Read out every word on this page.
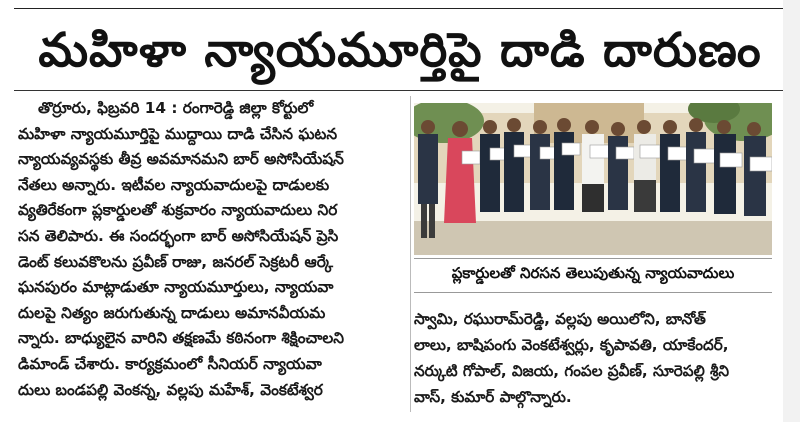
మహిళా న్యాయమూర్తిపై దాడి దారుణం
తొర్రూరు, ఫిబ్రవరి 14 : రంగారెడ్డి జిల్లా కోర్టులో
మహిళా న్యాయమూర్తిపై ముద్దాయి దాడి చేసిన ఘటన
న్యాయవ్యవస్థకు తీవ్ర అవమానమని బార్ అసోసియేషన్
నేతలు అన్నారు. ఇటీవల న్యాయవాదులపై దాడులకు
వ్యతిరేకంగా ప్లకార్డులతో శుక్రవారం న్యాయవాదులు నిర
సన తెలిపారు. ఈ సందర్భంగా బార్ అసోసియేషన్ ప్రెసి
డెంట్ కలువకొలను ప్రవీణ్ రాజు, జనరల్ సెక్రటరీ ఆర్కే
ఘనపురం మాట్లాడుతూ న్యాయమూర్తులు, న్యాయవా
దులపై నిత్యం జరుగుతున్న దాడులు అమానవీయమ
న్నారు. బాధ్యులైన వారిని తక్షణమే కఠినంగా శిక్షించాలని
డిమాండ్ చేశారు. కార్యక్రమంలో సీనియర్ న్యాయవా
దులు బండపల్లి వెంకన్న, వల్లపు మహేశ్, వెంకటేశ్వర
ప్లకార్డులతో నిరసన తెలుపుతున్న న్యాయవాదులు
స్వామి, రఘురామ్‌రెడ్డి, వల్లపు అయిలోని, బానోత్
లాలు, బాషిపంగు వెంకటేశ్వర్లు, కృపావతి, యాకేందర్,
నర్కుటి గోపాల్, విజయ, గంపల ప్రవీణ్, సూరెపల్లి శ్రీని
వాస్, కుమార్ పాల్గొన్నారు.
